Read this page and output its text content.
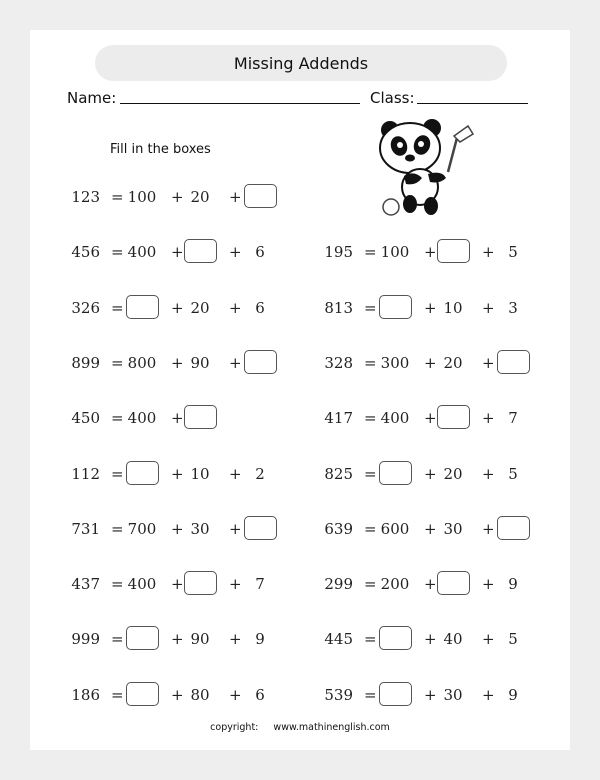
Missing Addends
Name:	Class:
Fill in the boxes
123 = 100 + 20	+
456 = 400 +	+ 6
326 =	+ 20	+ 6
899 = 800 + 90	+
450 = 400 +
112 =	+ 10	+ 2
731 = 700 + 30	+
437 = 400 +	+ 7
999 =	+ 90	+ 9
186 =	+ 80	+ 6
195 = 100 +	+ 5
813 =	+ 10	+ 3
328 = 300 + 20	+
417 = 400 +	+ 7
825 =	+ 20	+ 5
639 = 600 + 30	+
299 = 200 +	+ 9
445 =	+ 40	+ 5
539 =	+ 30	+ 9
copyright: www.mathinenglish.com
